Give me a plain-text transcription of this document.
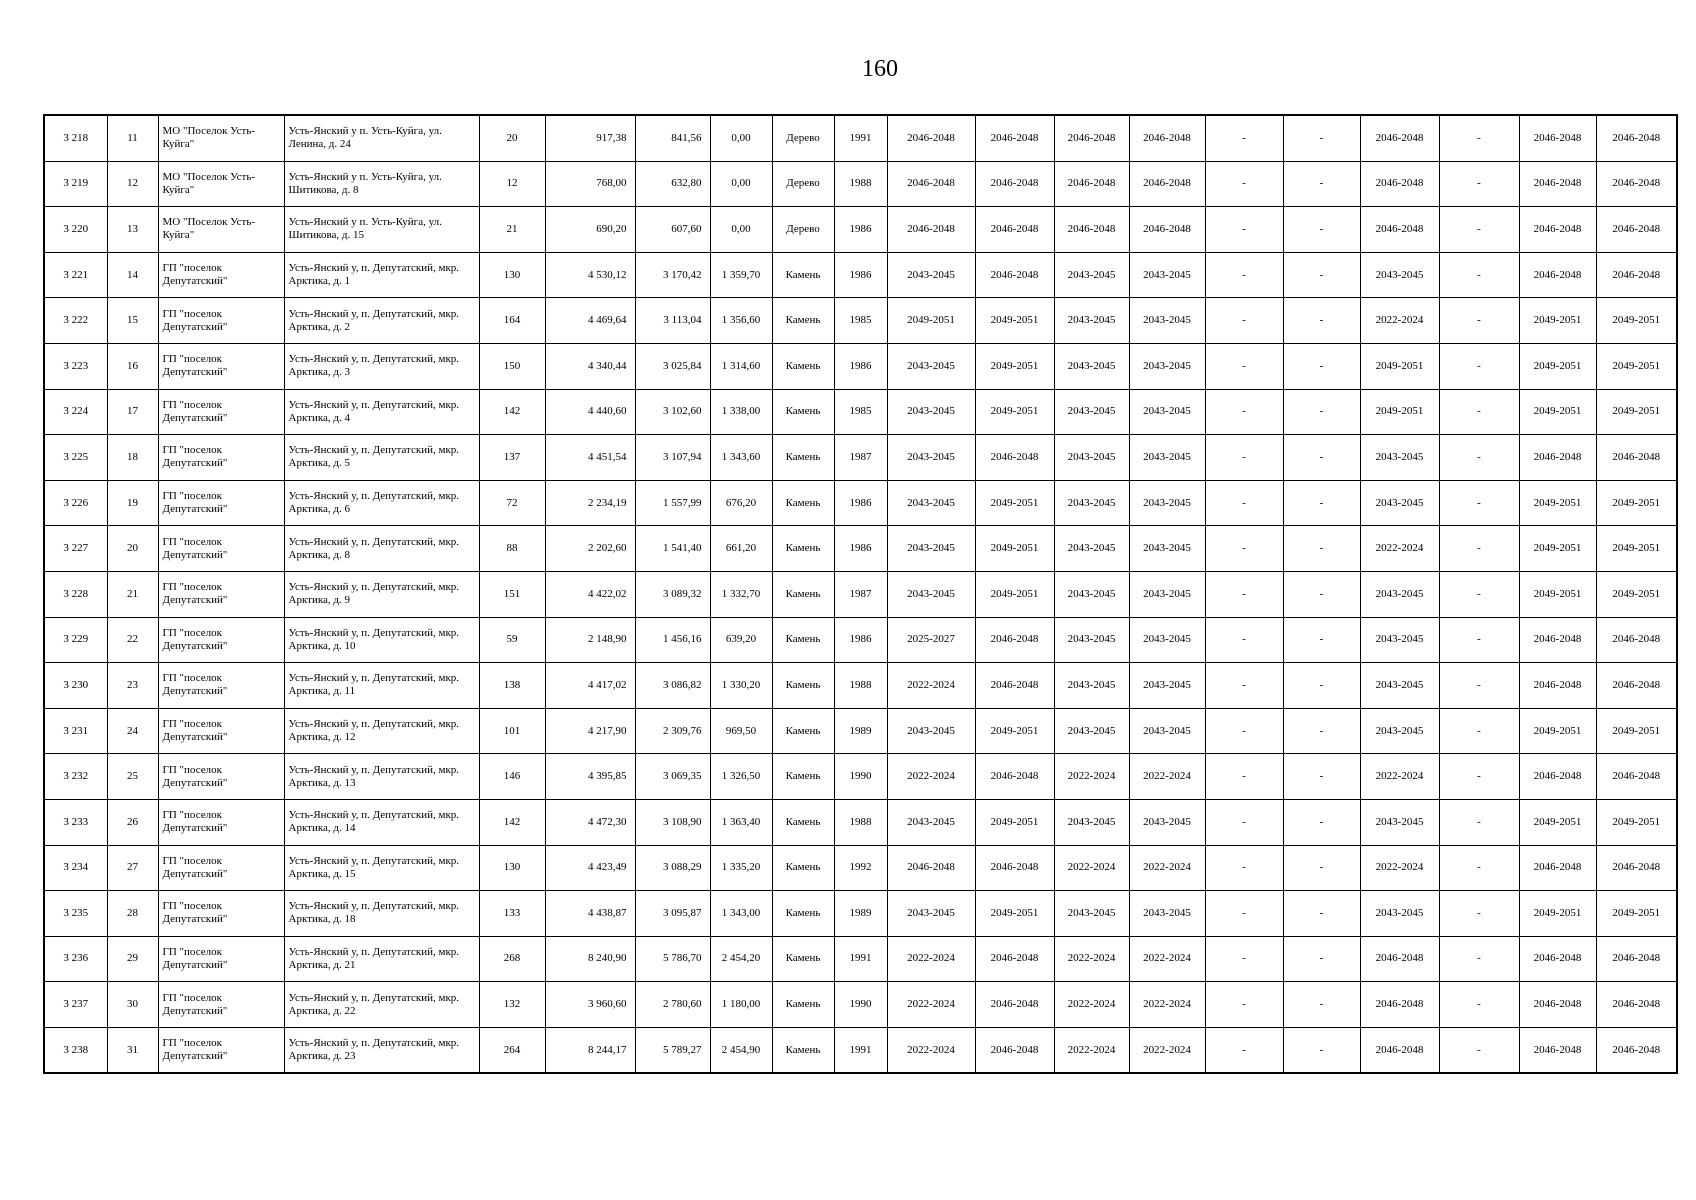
160
3 218	11	МО "Поселок Усть-Куйга"	Усть-Янский у п. Усть-Куйга, ул. Ленина, д. 24	20	917,38	841,56	0,00	Дерево	1991	2046-2048	2046-2048	2046-2048	2046-2048	-	-	2046-2048	-	2046-2048	2046-2048
3 219	12	МО "Поселок Усть-Куйга"	Усть-Янский у п. Усть-Куйга, ул. Шитикова, д. 8	12	768,00	632,80	0,00	Дерево	1988	2046-2048	2046-2048	2046-2048	2046-2048	-	-	2046-2048	-	2046-2048	2046-2048
3 220	13	МО "Поселок Усть-Куйга"	Усть-Янский у п. Усть-Куйга, ул. Шитикова, д. 15	21	690,20	607,60	0,00	Дерево	1986	2046-2048	2046-2048	2046-2048	2046-2048	-	-	2046-2048	-	2046-2048	2046-2048
3 221	14	ГП "поселок Депутатский"	Усть-Янский у, п. Депутатский, мкр. Арктика, д. 1	130	4 530,12	3 170,42	1 359,70	Камень	1986	2043-2045	2046-2048	2043-2045	2043-2045	-	-	2043-2045	-	2046-2048	2046-2048
3 222	15	ГП "поселок Депутатский"	Усть-Янский у, п. Депутатский, мкр. Арктика, д. 2	164	4 469,64	3 113,04	1 356,60	Камень	1985	2049-2051	2049-2051	2043-2045	2043-2045	-	-	2022-2024	-	2049-2051	2049-2051
3 223	16	ГП "поселок Депутатский"	Усть-Янский у, п. Депутатский, мкр. Арктика, д. 3	150	4 340,44	3 025,84	1 314,60	Камень	1986	2043-2045	2049-2051	2043-2045	2043-2045	-	-	2049-2051	-	2049-2051	2049-2051
3 224	17	ГП "поселок Депутатский"	Усть-Янский у, п. Депутатский, мкр. Арктика, д. 4	142	4 440,60	3 102,60	1 338,00	Камень	1985	2043-2045	2049-2051	2043-2045	2043-2045	-	-	2049-2051	-	2049-2051	2049-2051
3 225	18	ГП "поселок Депутатский"	Усть-Янский у, п. Депутатский, мкр. Арктика, д. 5	137	4 451,54	3 107,94	1 343,60	Камень	1987	2043-2045	2046-2048	2043-2045	2043-2045	-	-	2043-2045	-	2046-2048	2046-2048
3 226	19	ГП "поселок Депутатский"	Усть-Янский у, п. Депутатский, мкр. Арктика, д. 6	72	2 234,19	1 557,99	676,20	Камень	1986	2043-2045	2049-2051	2043-2045	2043-2045	-	-	2043-2045	-	2049-2051	2049-2051
3 227	20	ГП "поселок Депутатский"	Усть-Янский у, п. Депутатский, мкр. Арктика, д. 8	88	2 202,60	1 541,40	661,20	Камень	1986	2043-2045	2049-2051	2043-2045	2043-2045	-	-	2022-2024	-	2049-2051	2049-2051
3 228	21	ГП "поселок Депутатский"	Усть-Янский у, п. Депутатский, мкр. Арктика, д. 9	151	4 422,02	3 089,32	1 332,70	Камень	1987	2043-2045	2049-2051	2043-2045	2043-2045	-	-	2043-2045	-	2049-2051	2049-2051
3 229	22	ГП "поселок Депутатский"	Усть-Янский у, п. Депутатский, мкр. Арктика, д. 10	59	2 148,90	1 456,16	639,20	Камень	1986	2025-2027	2046-2048	2043-2045	2043-2045	-	-	2043-2045	-	2046-2048	2046-2048
3 230	23	ГП "поселок Депутатский"	Усть-Янский у, п. Депутатский, мкр. Арктика, д. 11	138	4 417,02	3 086,82	1 330,20	Камень	1988	2022-2024	2046-2048	2043-2045	2043-2045	-	-	2043-2045	-	2046-2048	2046-2048
3 231	24	ГП "поселок Депутатский"	Усть-Янский у, п. Депутатский, мкр. Арктика, д. 12	101	4 217,90	2 309,76	969,50	Камень	1989	2043-2045	2049-2051	2043-2045	2043-2045	-	-	2043-2045	-	2049-2051	2049-2051
3 232	25	ГП "поселок Депутатский"	Усть-Янский у, п. Депутатский, мкр. Арктика, д. 13	146	4 395,85	3 069,35	1 326,50	Камень	1990	2022-2024	2046-2048	2022-2024	2022-2024	-	-	2022-2024	-	2046-2048	2046-2048
3 233	26	ГП "поселок Депутатский"	Усть-Янский у, п. Депутатский, мкр. Арктика, д. 14	142	4 472,30	3 108,90	1 363,40	Камень	1988	2043-2045	2049-2051	2043-2045	2043-2045	-	-	2043-2045	-	2049-2051	2049-2051
3 234	27	ГП "поселок Депутатский"	Усть-Янский у, п. Депутатский, мкр. Арктика, д. 15	130	4 423,49	3 088,29	1 335,20	Камень	1992	2046-2048	2046-2048	2022-2024	2022-2024	-	-	2022-2024	-	2046-2048	2046-2048
3 235	28	ГП "поселок Депутатский"	Усть-Янский у, п. Депутатский, мкр. Арктика, д. 18	133	4 438,87	3 095,87	1 343,00	Камень	1989	2043-2045	2049-2051	2043-2045	2043-2045	-	-	2043-2045	-	2049-2051	2049-2051
3 236	29	ГП "поселок Депутатский"	Усть-Янский у, п. Депутатский, мкр. Арктика, д. 21	268	8 240,90	5 786,70	2 454,20	Камень	1991	2022-2024	2046-2048	2022-2024	2022-2024	-	-	2046-2048	-	2046-2048	2046-2048
3 237	30	ГП "поселок Депутатский"	Усть-Янский у, п. Депутатский, мкр. Арктика, д. 22	132	3 960,60	2 780,60	1 180,00	Камень	1990	2022-2024	2046-2048	2022-2024	2022-2024	-	-	2046-2048	-	2046-2048	2046-2048
3 238	31	ГП "поселок Депутатский"	Усть-Янский у, п. Депутатский, мкр. Арктика, д. 23	264	8 244,17	5 789,27	2 454,90	Камень	1991	2022-2024	2046-2048	2022-2024	2022-2024	-	-	2046-2048	-	2046-2048	2046-2048
